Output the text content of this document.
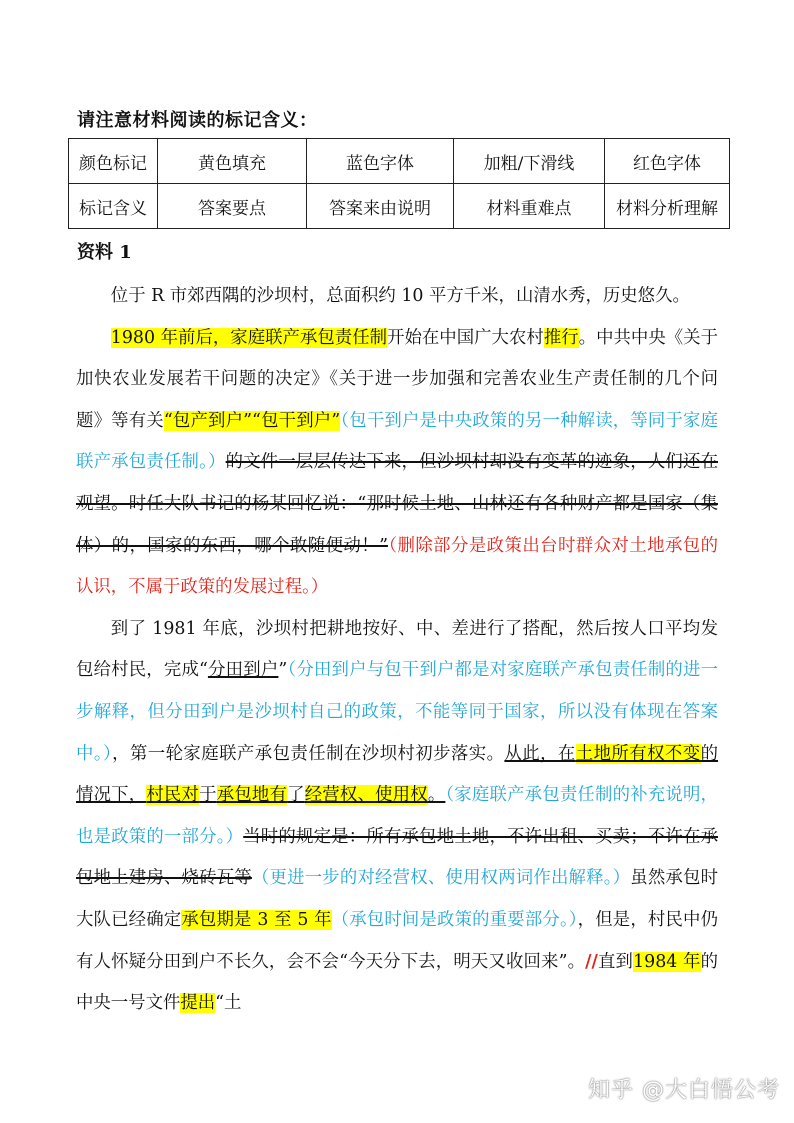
请注意材料阅读的标记含义：
颜色标记	黄色填充	蓝色字体	加粗/下滑线	红色字体
标记含义	答案要点	答案来由说明	材料重难点	材料分析理解
资料 1

位于 R 市郊西隅的沙坝村，总面积约 10 平方千米，山清水秀，历史悠久。

1980 年前后，家庭联产承包责任制开始在中国广大农村推行。中共中央《关于加快农业发展若干问题的决定》《关于进一步加强和完善农业生产责任制的几个问题》等有关“包产到户”“包干到户”（包干到户是中央政策的另一种解读，等同于家庭联产承包责任制。）的文件一层层传达下来，但沙坝村却没有变革的迹象，人们还在观望。时任大队书记的杨某回忆说：“那时候土地、山林还有各种财产都是国家（集体）的，国家的东西，哪个敢随便动！”（删除部分是政策出台时群众对土地承包的认识，不属于政策的发展过程。）

到了 1981 年底，沙坝村把耕地按好、中、差进行了搭配，然后按人口平均发包给村民，完成“分田到户”（分田到户与包干到户都是对家庭联产承包责任制的进一步解释，但分田到户是沙坝村自己的政策，不能等同于国家，所以没有体现在答案中。），第一轮家庭联产承包责任制在沙坝村初步落实。从此，在土地所有权不变的情况下，村民对于承包地有了经营权、使用权。（家庭联产承包责任制的补充说明，也是政策的一部分。）当时的规定是：所有承包地土地，不许出租、买卖；不许在承包地上建房、烧砖瓦等（更进一步的对经营权、使用权两词作出解释。）虽然承包时大队已经确定承包期是 3 至 5 年（承包时间是政策的重要部分。），但是，村民中仍有人怀疑分田到户不长久，会不会“今天分下去，明天又收回来”。//直到1984 年的中央一号文件提出“土

知乎 @大白悟公考
